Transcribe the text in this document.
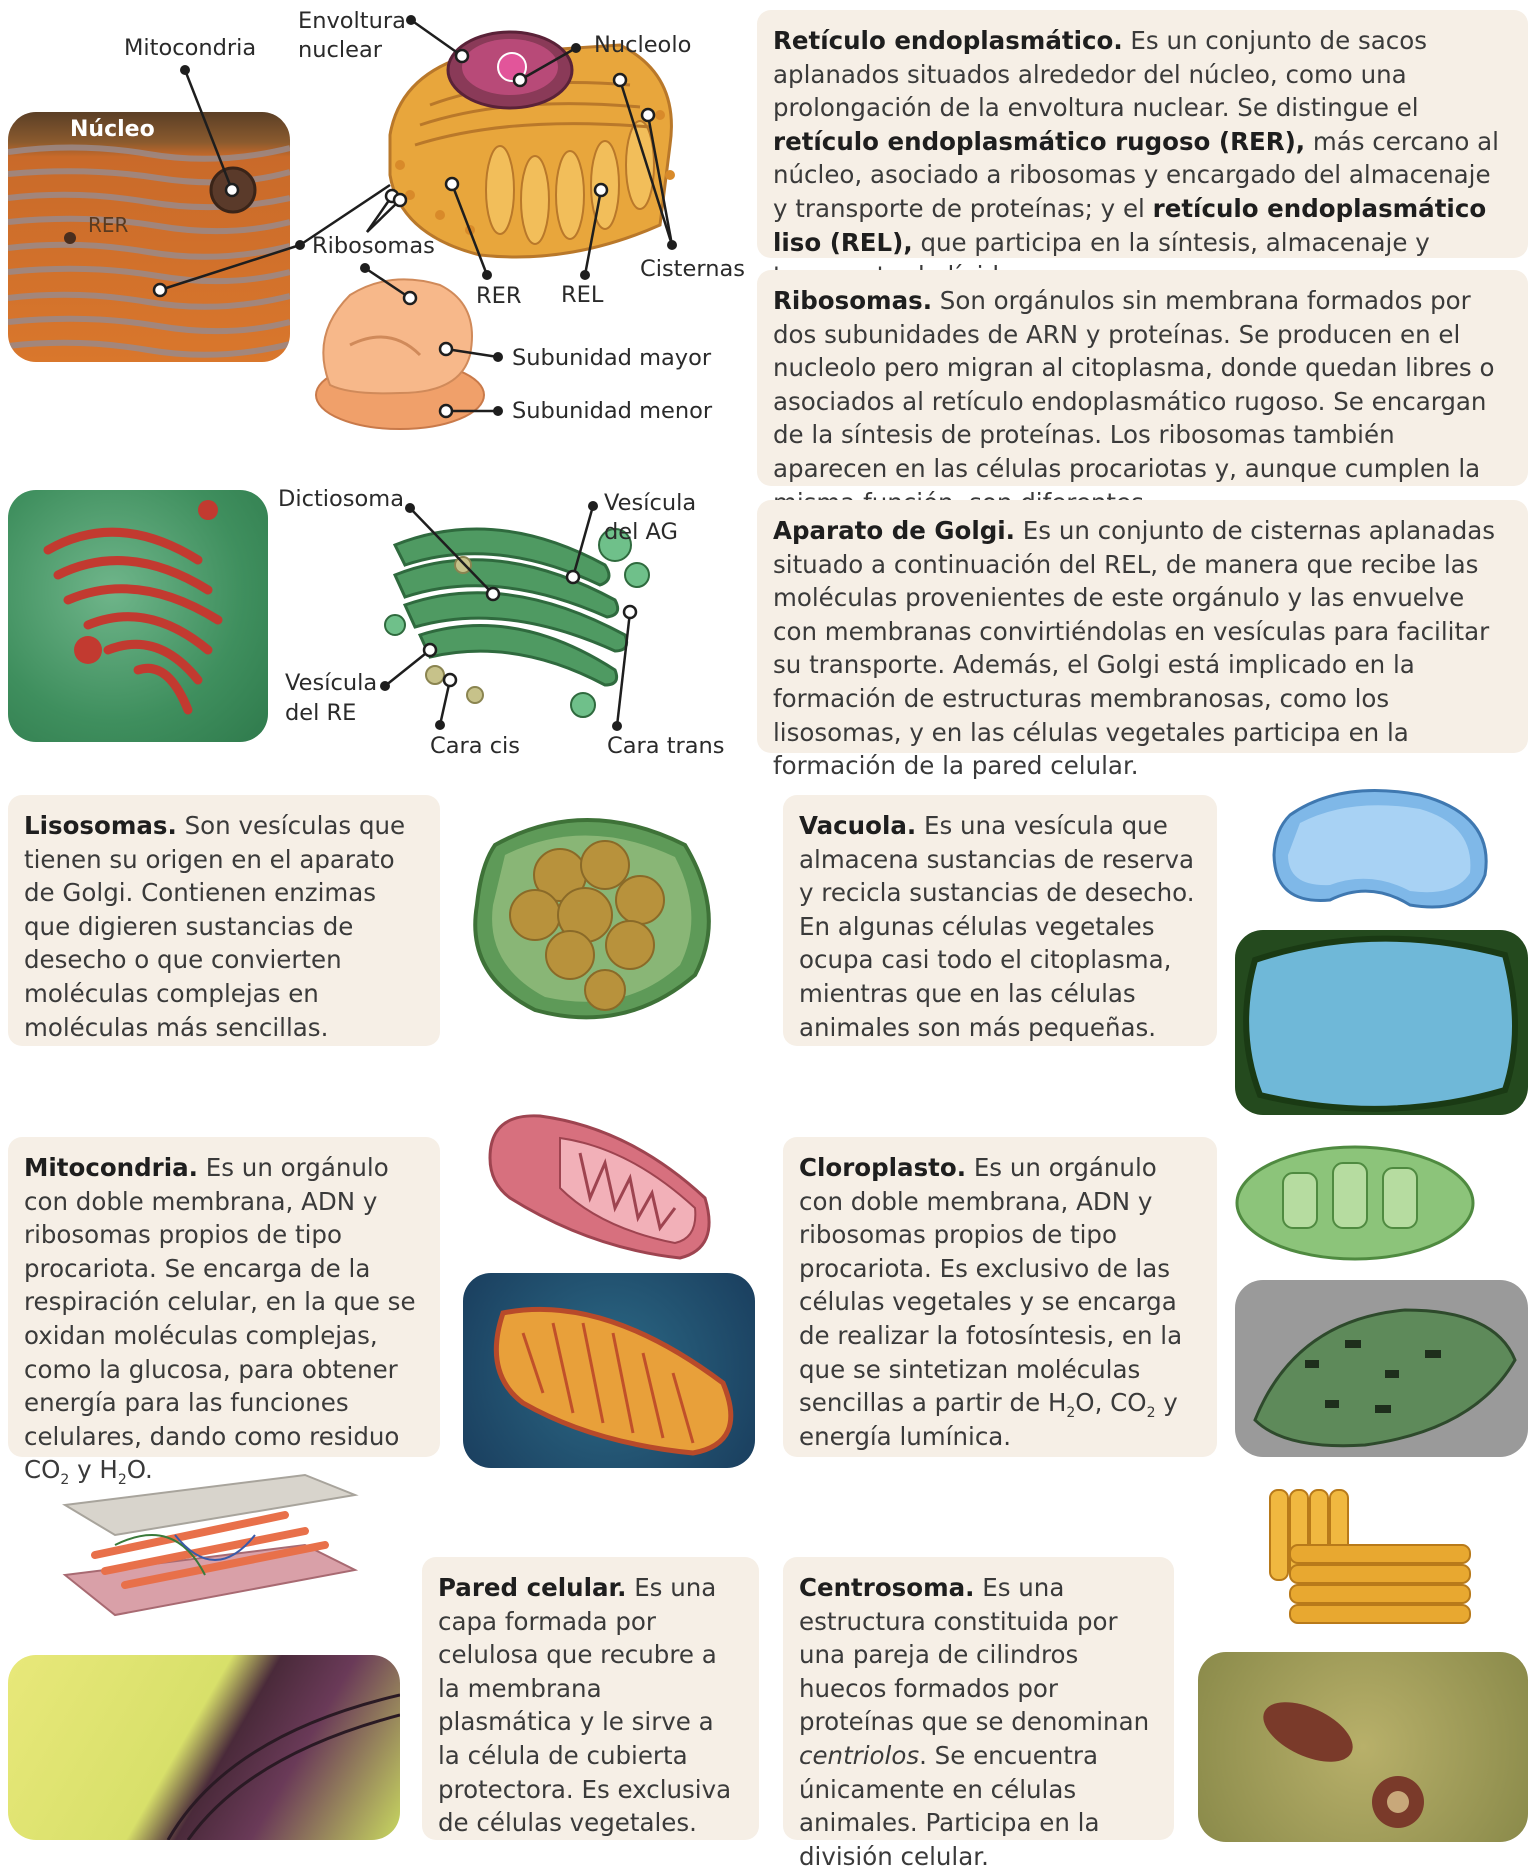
Retículo endoplasmático. Es un conjunto de sacos aplanados situados alrededor del núcleo, como una prolongación de la envoltura nuclear. Se distingue el retículo endoplasmático rugoso (RER), más cercano al núcleo, asociado a ribosomas y encargado del almacenaje y transporte de proteínas; y el retículo endoplasmático liso (REL), que participa en la síntesis, almacenaje y
Ribosomas. Son orgánulos sin membrana formados por dos subunidades de ARN y proteínas. Se producen en el nucleolo pero migran al citoplasma, donde quedan libres o asociados al retículo endoplasmático rugoso. Se encargan de la síntesis de proteínas. Los ribosomas también aparecen en las células procariotas y, aunque cumplen la
Aparato de Golgi. Es un conjunto de cisternas aplanadas situado a continuación del REL, de manera que recibe las moléculas provenientes de este orgánulo y las envuelve con membranas convirtiéndolas en vesículas para facilitar su transporte. Además, el Golgi está implicado en la formación de estructuras membranosas, como los lisosomas, y en las células vegetales participa en la formación de la pared celular.
Lisosomas. Son vesículas que tienen su origen en el aparato de Golgi. Contienen enzimas que digieren sustancias de desecho o que convierten moléculas complejas en moléculas más sencillas.
Vacuola. Es una vesícula que almacena sustancias de reserva y recicla sustancias de desecho. En algunas células vegetales ocupa casi todo el citoplasma, mientras que en las células animales son más pequeñas.
Mitocondria. Es un orgánulo con doble membrana, ADN y ribosomas propios de tipo procariota. Se encarga de la respiración celular, en la que se oxidan moléculas complejas, como la glucosa, para obtener energía para las funciones celulares, dando como residuo $CO_2$ y $H_2O$.
Cloroplasto. Es un orgánulo con doble membrana, ADN y ribosomas propios de tipo procariota. Es exclusivo de las células vegetales y se encarga de realizar la fotosíntesis, en la que se sintetizan moléculas sencillas a partir de $H_2O$, $CO_2$ y energía lumínica.
Pared celular. Es una capa formada por celulosa que recubre a la membrana plasmática y le sirve a la célula de cubierta protectora. Es exclusiva de células vegetales.
Centrosoma. Es una estructura constituida por una pareja de cilindros huecos formados por proteínas que se denominan centriolos. Se encuentra únicamente en células animales. Participa en la división celular.
Núcleo
RER
Mitocondria
Envoltura
nuclear	Nucleolo
Ribosomas
RER REL
Cisternas
Subunidad mayor
Subunidad menor
Dictiosoma	Vesícula
del AG
Vesícula
del RE
Cara cis	Cara trans
